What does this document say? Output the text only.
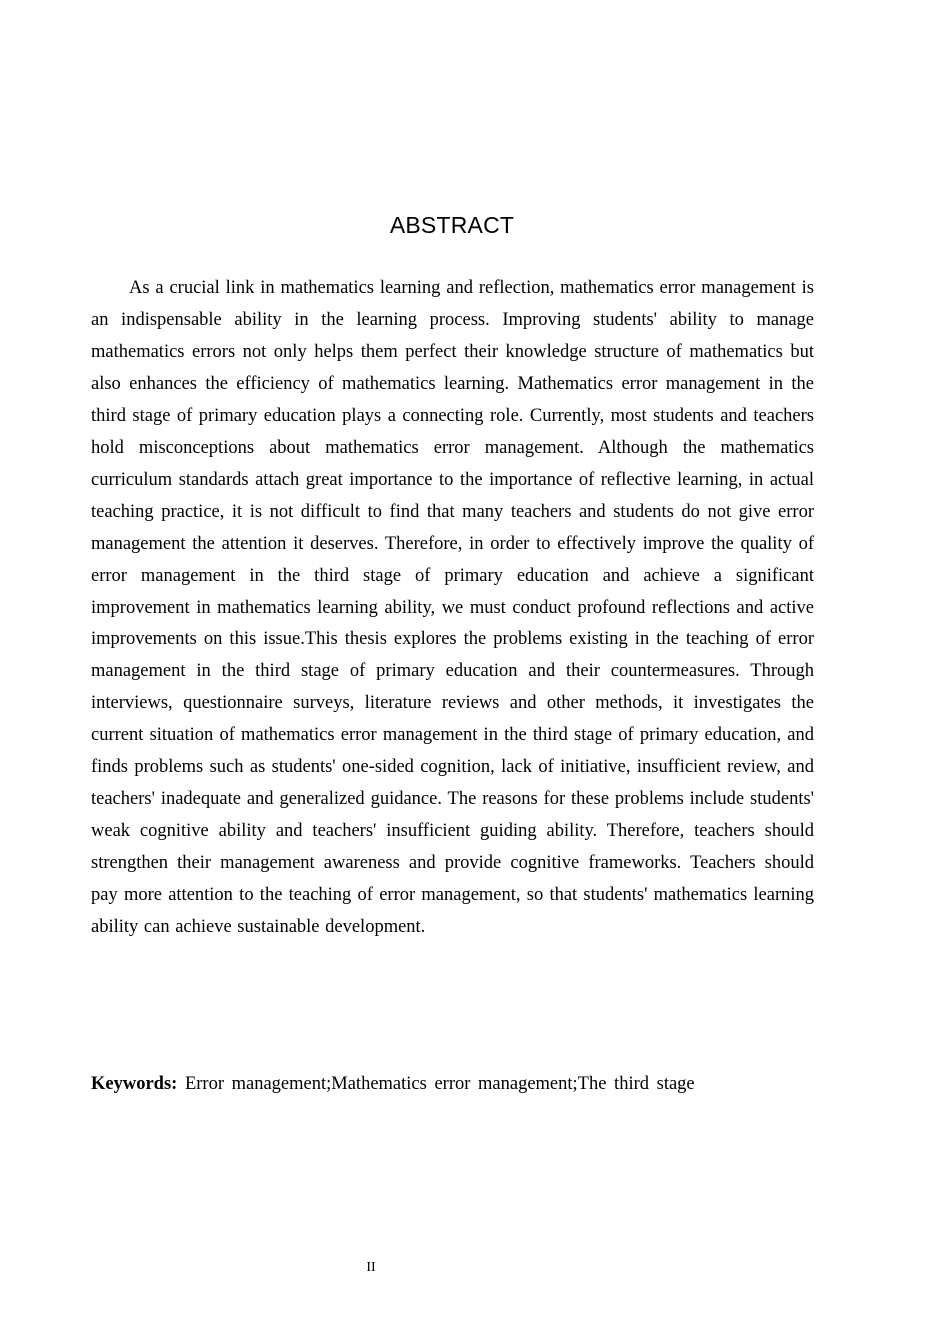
ABSTRACT

As a crucial link in mathematics learning and reflection, mathematics error management is an indispensable ability in the learning process. Improving students' ability to manage mathematics errors not only helps them perfect their knowledge structure of mathematics but also enhances the efficiency of mathematics learning. Mathematics error management in the third stage of primary education plays a connecting role. Currently, most students and teachers hold misconceptions about mathematics error management. Although the mathematics curriculum standards attach great importance to the importance of reflective learning, in actual teaching practice, it is not difficult to find that many teachers and students do not give error management the attention it deserves. Therefore, in order to effectively improve the quality of error management in the third stage of primary education and achieve a significant improvement in mathematics learning ability, we must conduct profound reflections and active improvements on this issue.This thesis explores the problems existing in the teaching of error management in the third stage of primary education and their countermeasures. Through interviews, questionnaire surveys, literature reviews and other methods, it investigates the current situation of mathematics error management in the third stage of primary education, and finds problems such as students' one-sided cognition, lack of initiative, insufficient review, and teachers' inadequate and generalized guidance. The reasons for these problems include students' weak cognitive ability and teachers' insufficient guiding ability. Therefore, teachers should strengthen their management awareness and provide cognitive frameworks. Teachers should pay more attention to the teaching of error management, so that students' mathematics learning ability can achieve sustainable development.

Keywords: Error management;Mathematics error management;The third stage

II
